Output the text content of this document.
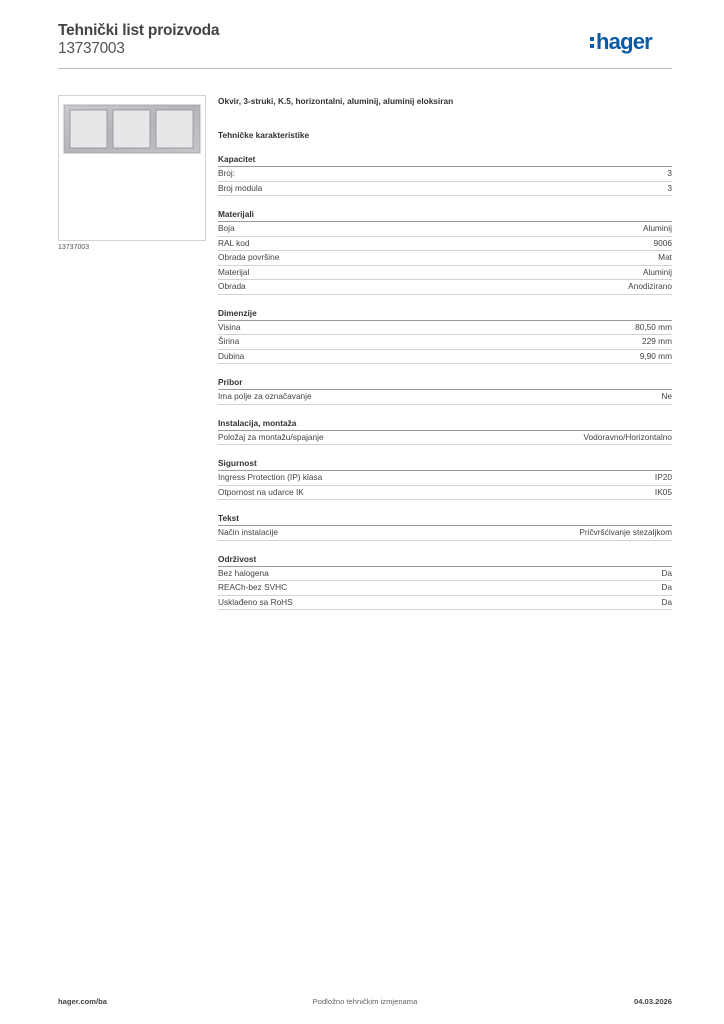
Tehnički list proizvoda
13737003	hager
13737003
Okvir, 3-struki, K.5, horizontalni, aluminij, aluminij eloksiran
Tehničke karakteristike
Kapacitet
Broj:	3
Broj modula	3
Materijali
Boja	Aluminij
RAL kod	9006
Obrada površine	Mat
Materijal	Aluminij
Obrada	Anodizirano
Dimenzije
Visina	80,50 mm
Širina	229 mm
Dubina	9,90 mm
Pribor
Ima polje za označavanje	Ne
Instalacija, montaža
Položaj za montažu/spajanje	Vodoravno/Horizontalno
Sigurnost
Ingress Protection (IP) klasa	IP20
Otpornost na udarce IK	IK05
Tekst
Način instalacije	Pričvršćivanje stezaljkom
Održivost
Bez halogena	Da
REACh-bez SVHC	Da
Usklađeno sa RoHS	Da
Podložno tehničkim izmjenama
hager.com/ba	04.03.2026
